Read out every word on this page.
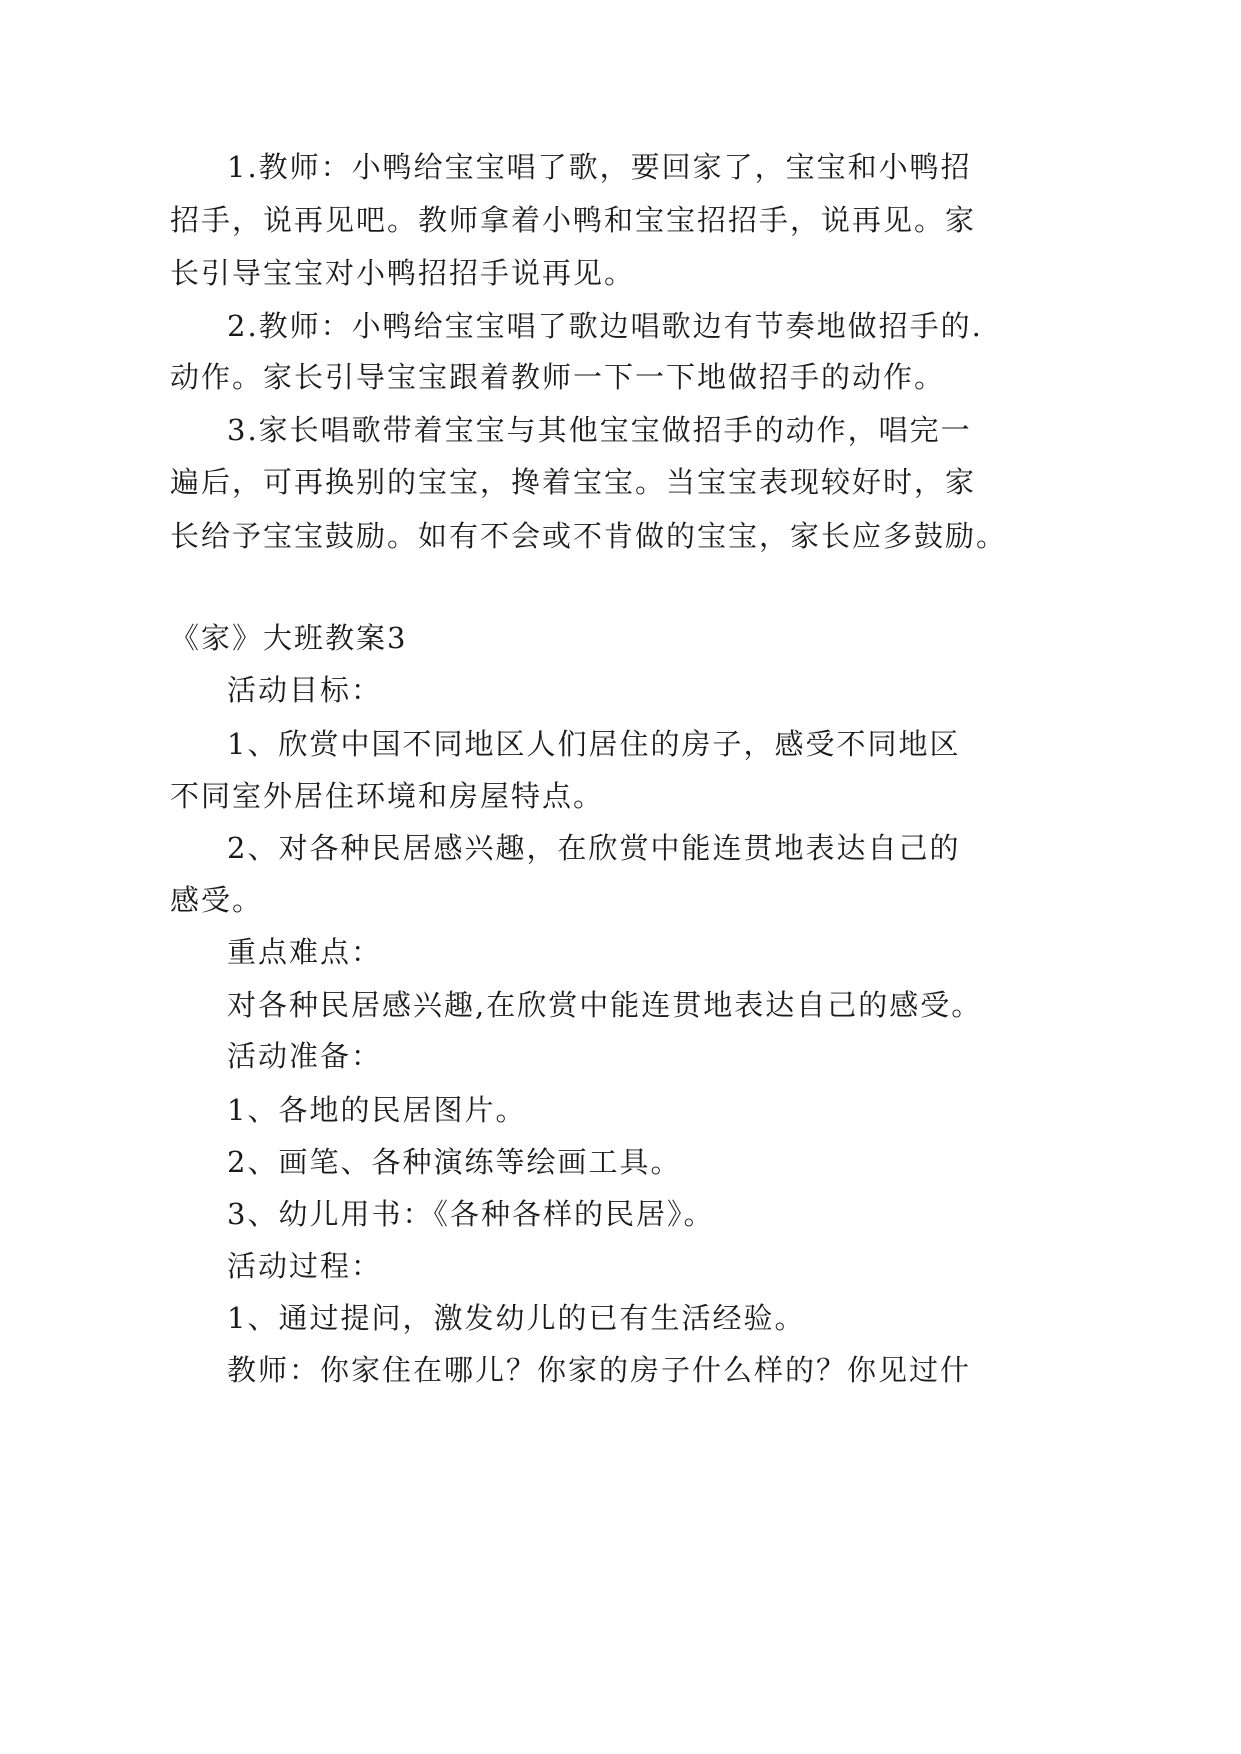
1.教师：小鸭给宝宝唱了歌，要回家了，宝宝和小鸭招
招手，说再见吧。教师拿着小鸭和宝宝招招手，说再见。家
长引导宝宝对小鸭招招手说再见。
2.教师：小鸭给宝宝唱了歌边唱歌边有节奏地做招手的.
动作。家长引导宝宝跟着教师一下一下地做招手的动作。
3.家长唱歌带着宝宝与其他宝宝做招手的动作，唱完一
遍后，可再换别的宝宝，搀着宝宝。当宝宝表现较好时，家
长给予宝宝鼓励。如有不会或不肯做的宝宝，家长应多鼓励。
《家》大班教案3
活动目标：
1、欣赏中国不同地区人们居住的房子，感受不同地区
不同室外居住环境和房屋特点。
2、对各种民居感兴趣，在欣赏中能连贯地表达自己的
感受。
重点难点：
对各种民居感兴趣,在欣赏中能连贯地表达自己的感受。
活动准备：
1、各地的民居图片。
2、画笔、各种演练等绘画工具。
3、幼儿用书：《各种各样的民居》。
活动过程：
1、通过提问，激发幼儿的已有生活经验。
教师：你家住在哪儿？你家的房子什么样的？你见过什
